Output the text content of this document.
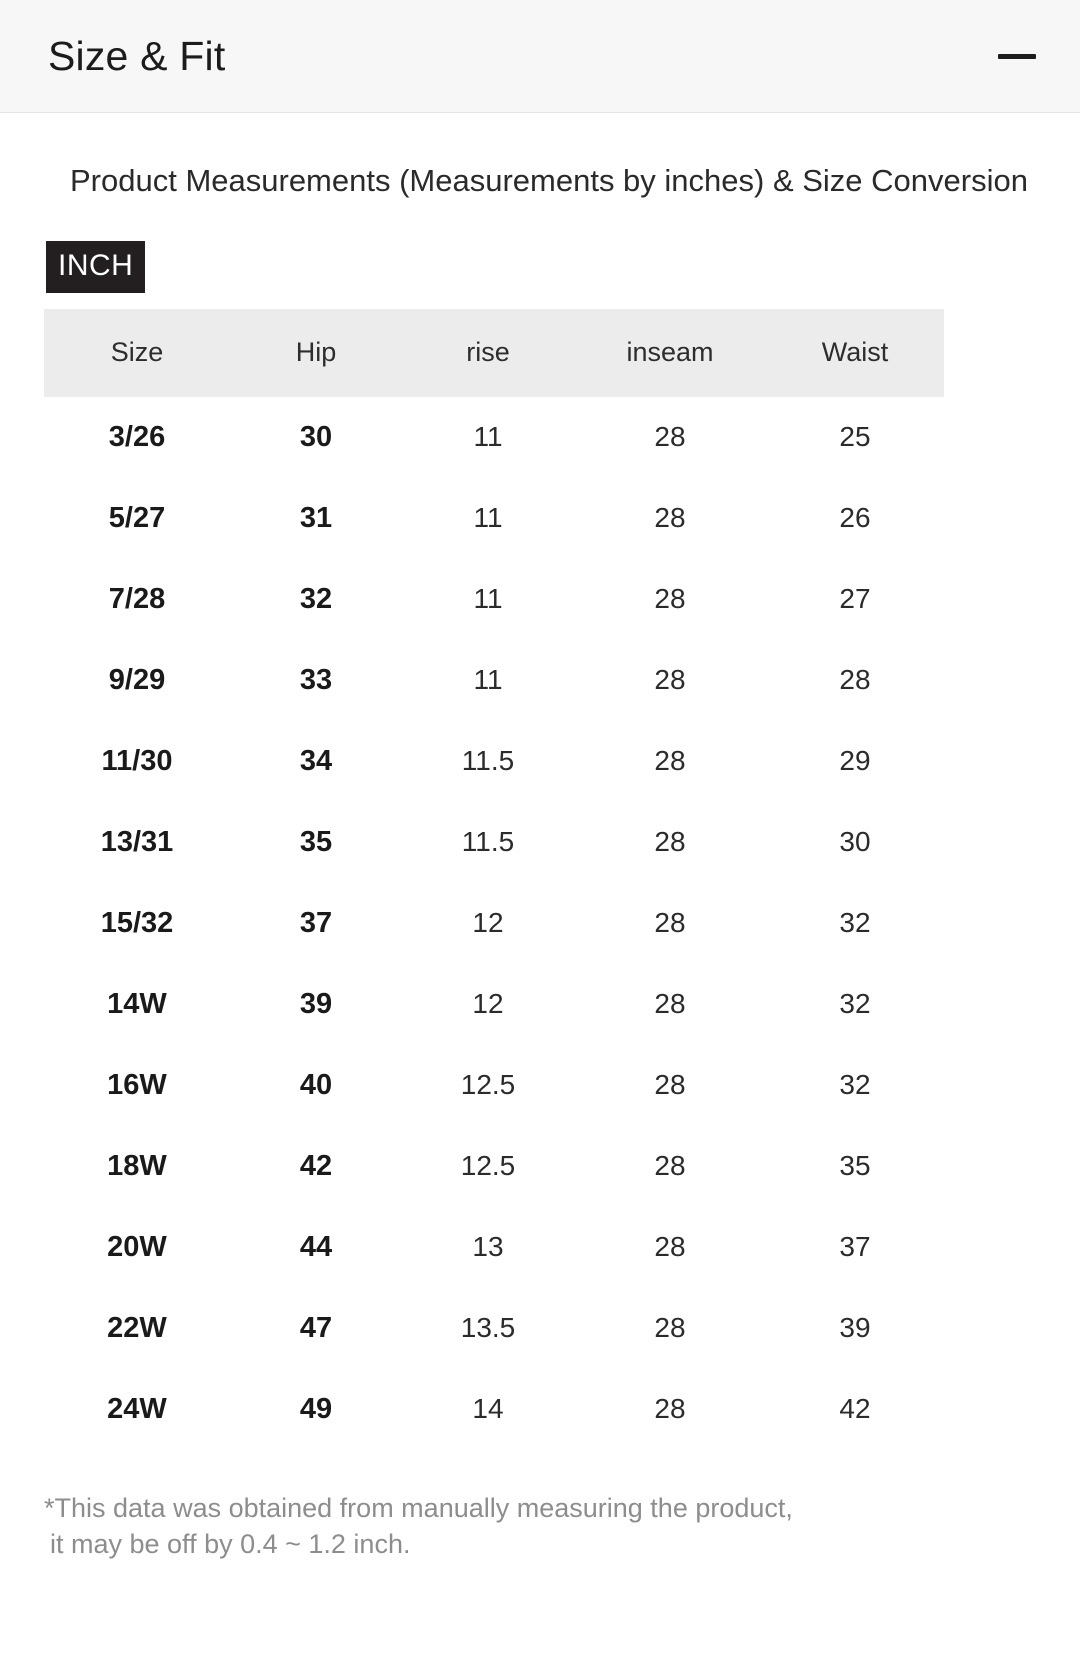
Size & Fit
Product Measurements (Measurements by inches) & Size Conversion
INCH
Size	Hip	rise	inseam	Waist
3/26	30	11	28	25
5/27	31	11	28	26
7/28	32	11	28	27
9/29	33	11	28	28
11/30	34	11.5	28	29
13/31	35	11.5	28	30
15/32	37	12	28	32
14W	39	12	28	32
16W	40	12.5	28	32
18W	42	12.5	28	35
20W	44	13	28	37
22W	47	13.5	28	39
24W	49	14	28	42
*This data was obtained from manually measuring the product,
it may be off by 0.4 ~ 1.2 inch.
